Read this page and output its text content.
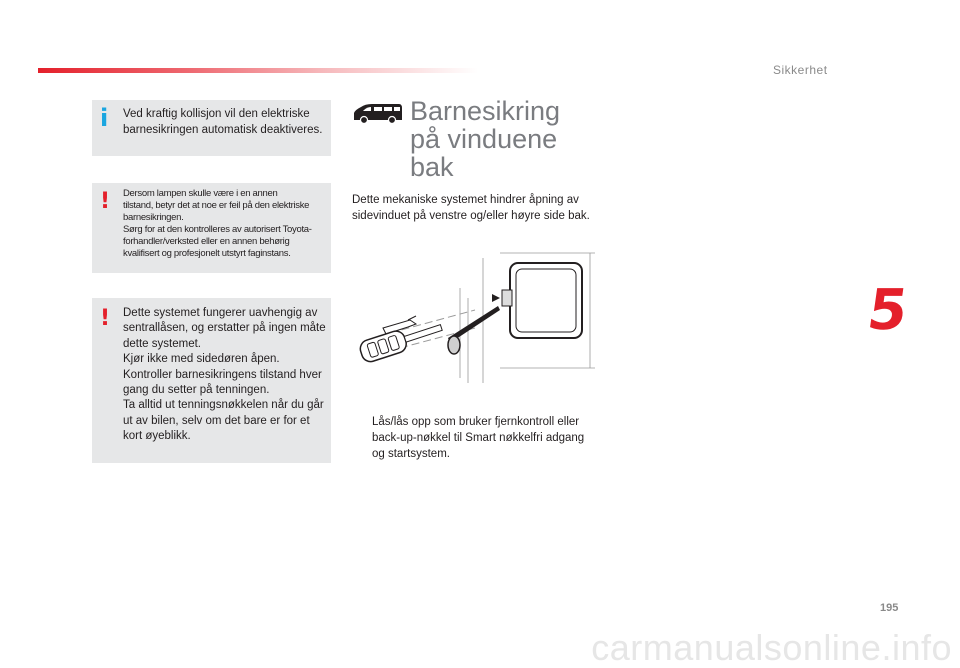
Sikkerhet
5
i Ved kraftig kollisjon vil den elektriske
barnesikringen automatisk deaktiveres.
! Dersom lampen skulle være i en annen
tilstand, betyr det at noe er feil på den elektriske
barnesikringen.
Sørg for at den kontrolleres av autorisert Toyota-
forhandler/verksted eller en annen behørig
kvalifisert og profesjonelt utstyrt faginstans.
! Dette systemet fungerer uavhengig av
sentrallåsen, og erstatter på ingen måte
dette systemet.
Kjør ikke med sidedøren åpen.
Kontroller barnesikringens tilstand hver
gang du setter på tenningen.
Ta alltid ut tenningsnøkkelen når du går
ut av bilen, selv om det bare er for et
kort øyeblikk.
Barnesikring
på vinduene
bak
Dette mekaniske systemet hindrer åpning av
sidevinduet på venstre og/eller høyre side bak.
Lås/lås opp som bruker fjernkontroll eller
back-up-nøkkel til Smart nøkkelfri adgang
og startsystem.
195
carmanualsonline.info
